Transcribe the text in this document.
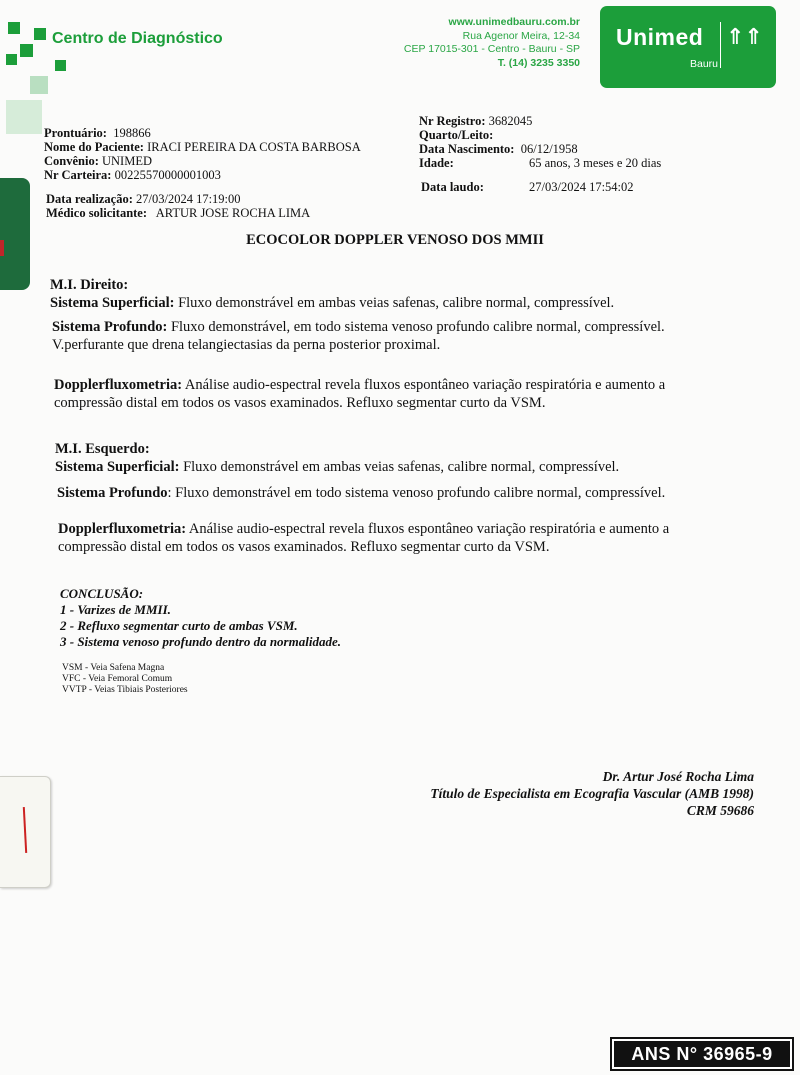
Centro de Diagnóstico
www.unimedbauru.com.br
Rua Agenor Meira, 12-34
CEP 17015-301 - Centro - Bauru - SP
T. (14) 3235 3350
Unimed ⇑⇑
Bauru
Prontuário: 198866
Nome do Paciente: IRACI PEREIRA DA COSTA BARBOSA
Convênio: UNIMED
Nr Carteira: 00225570000001003
Data realização: 27/03/2024 17:19:00
Médico solicitante: ARTUR JOSE ROCHA LIMA
Nr Registro: 3682045
Quarto/Leito:
Data Nascimento: 06/12/1958
Idade:	65 anos, 3 meses e 20 dias
Data laudo:	27/03/2024 17:54:02
ECOCOLOR DOPPLER VENOSO DOS MMII
M.I. Direito:
Sistema Superficial: Fluxo demonstrável em ambas veias safenas, calibre normal, compressível.
Sistema Profundo: Fluxo demonstrável, em todo sistema venoso profundo calibre normal, compressível.
V.perfurante que drena telangiectasias da perna posterior proximal.
Dopplerfluxometria: Análise audio-espectral revela fluxos espontâneo variação respiratória e aumento a
compressão distal em todos os vasos examinados. Refluxo segmentar curto da VSM.
M.I. Esquerdo:
Sistema Superficial: Fluxo demonstrável em ambas veias safenas, calibre normal, compressível.
Sistema Profundo: Fluxo demonstrável em todo sistema venoso profundo calibre normal, compressível.
Dopplerfluxometria: Análise audio-espectral revela fluxos espontâneo variação respiratória e aumento a
compressão distal em todos os vasos examinados. Refluxo segmentar curto da VSM.
CONCLUSÃO:
1 - Varizes de MMII.
2 - Refluxo segmentar curto de ambas VSM.
3 - Sistema venoso profundo dentro da normalidade.
VSM - Veia Safena Magna
VFC - Veia Femoral Comum
VVTP - Veias Tibiais Posteriores
Dr. Artur José Rocha Lima
Título de Especialista em Ecografia Vascular (AMB 1998)
CRM 59686
ANS N° 36965-9
